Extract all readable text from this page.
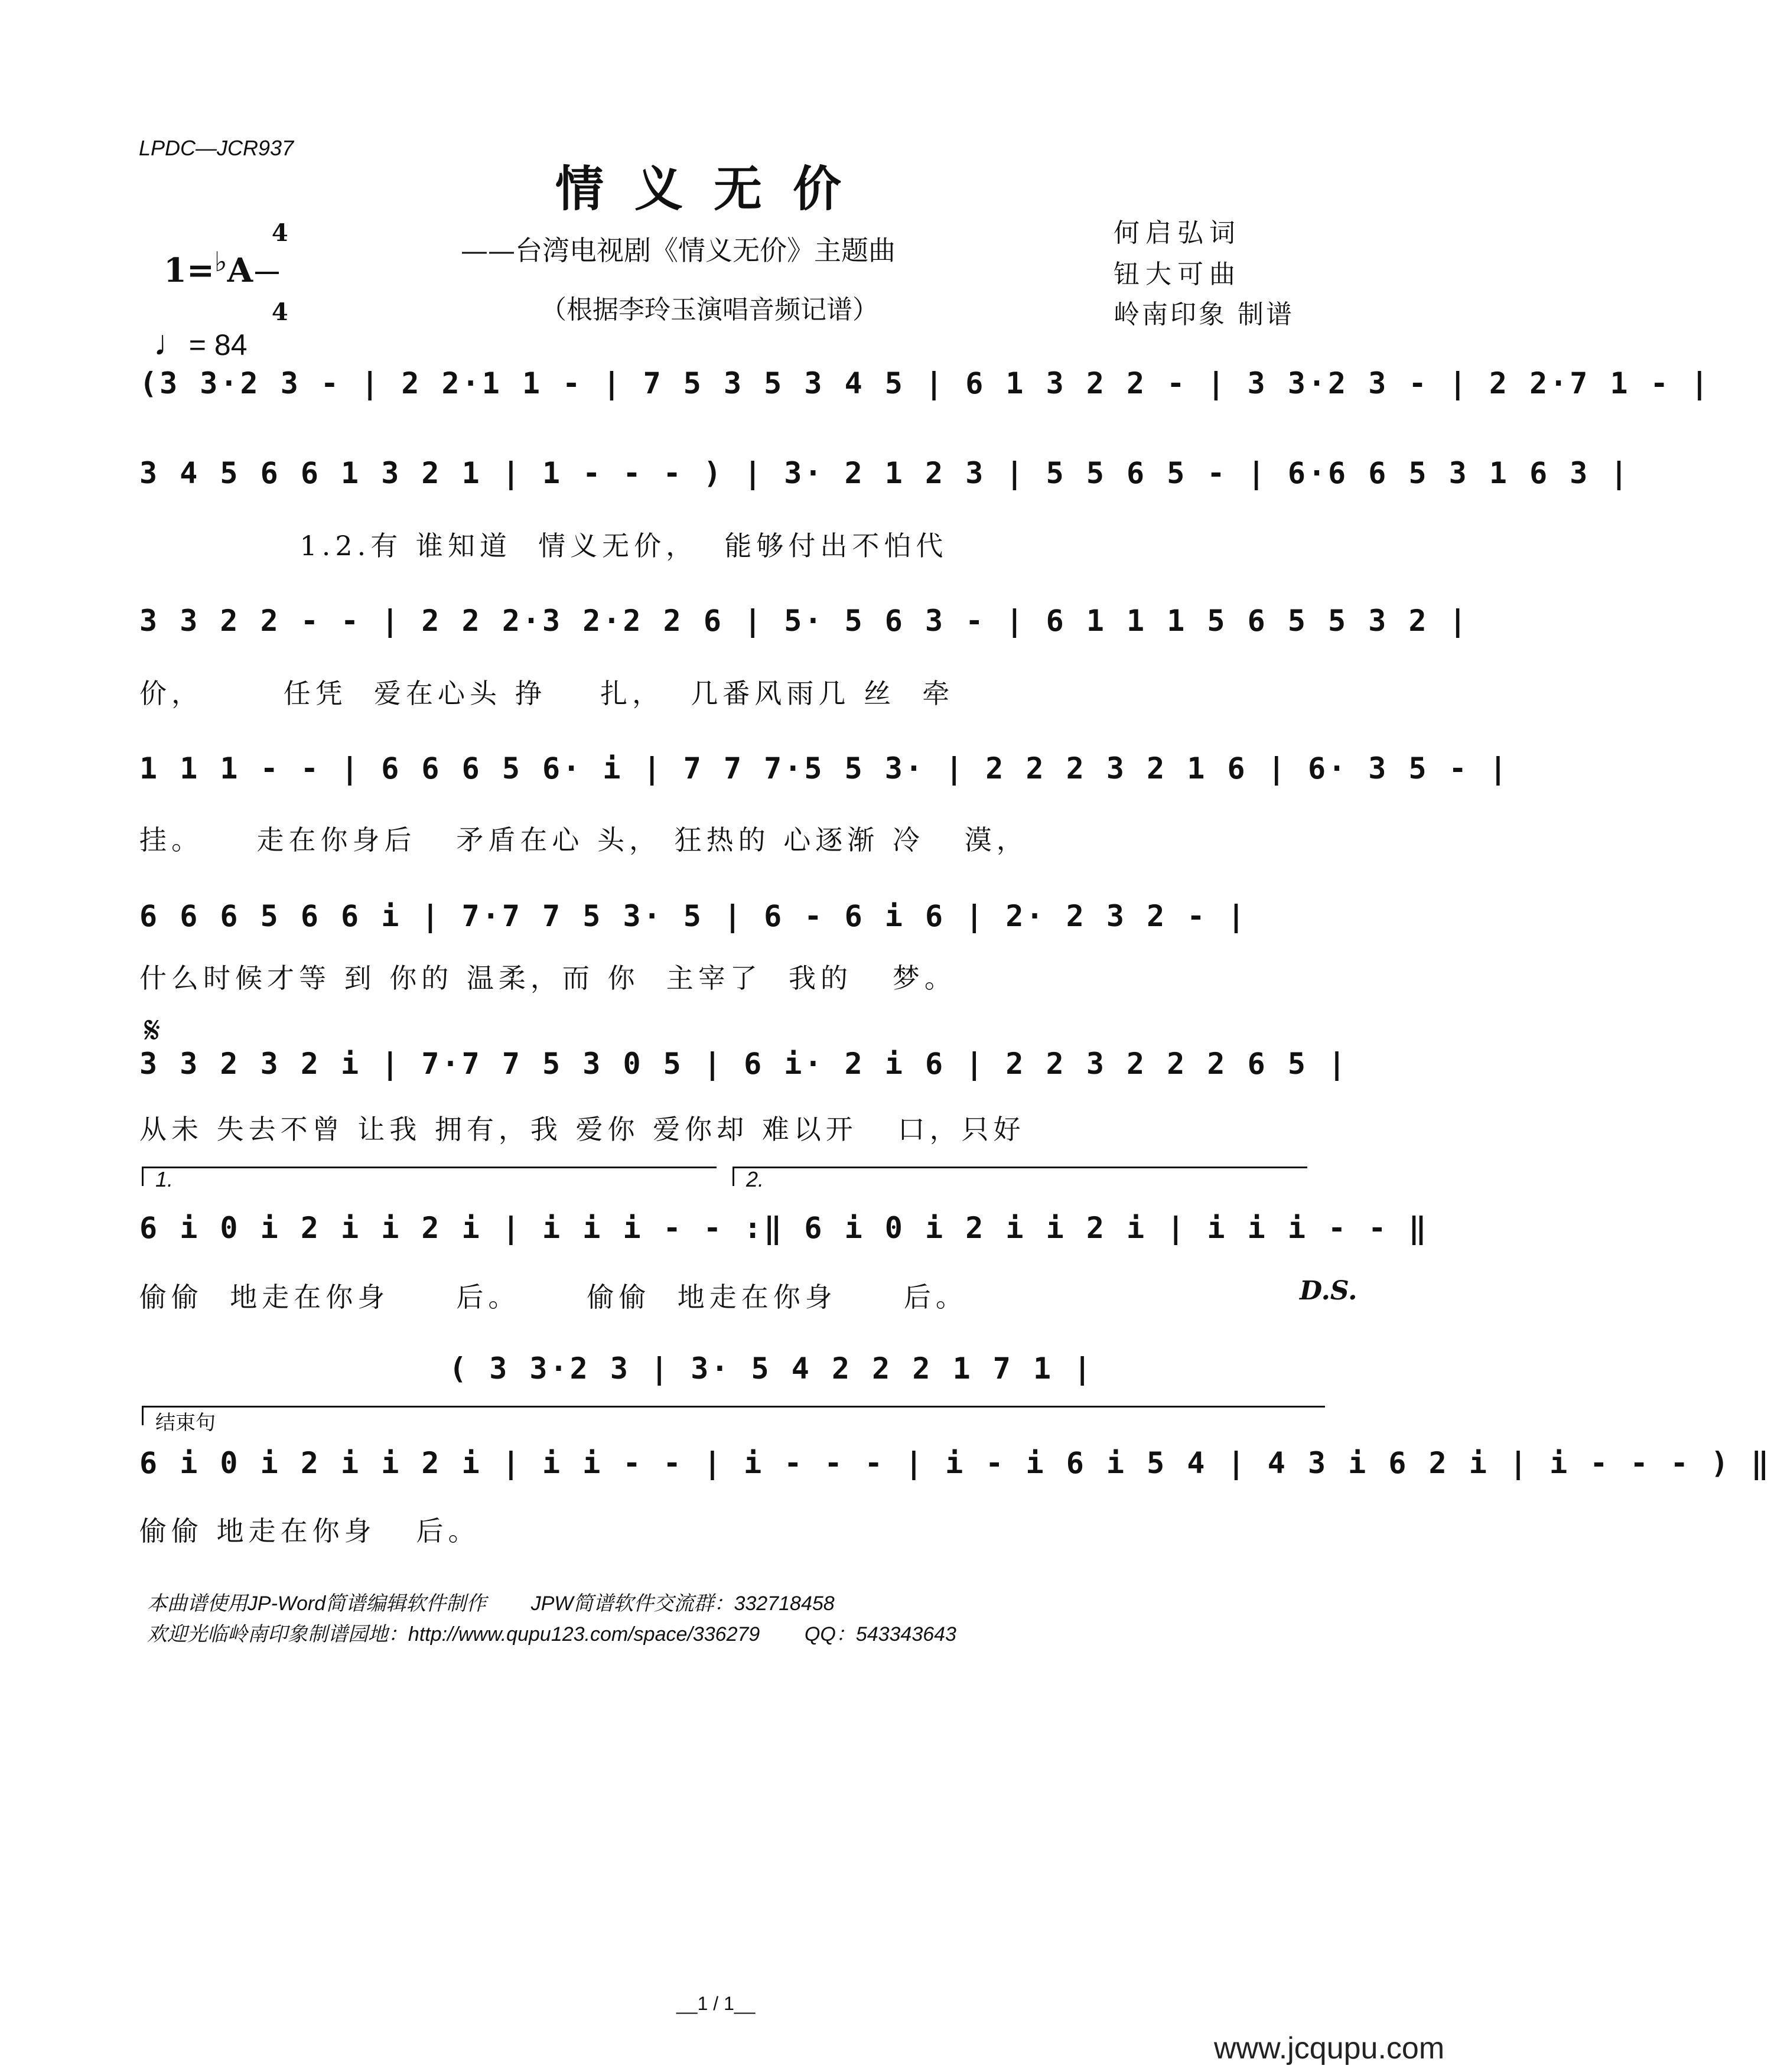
LPDC—JCR937
情义无价
——台湾电视剧《情义无价》主题曲
（根据李玲玉演唱音频记谱）
何启弘词
钮大可曲
岭南印象 制谱

1=♭A

4

4

♩= 84

(3 3·2 3 - | 2 2·1 1 - | 7 5 3 5 3 4 5 | 6 1 3 2 2 - | 3 3·2 3 - | 2 2·7 1 - |
3 4 5 6 6 1 3 2 1 | 1 - - - ) | 3· 2 1 2 3 | 5 5 6 5 - | 6·6 6 5 3 1 6 3 |
1.2.有 谁知道  情义无价，  能够付出不怕代
3 3 2 2 - - | 2 2 2·3 2·2 2 6 | 5· 5 6 3 - | 6 1 1 1 5 6 5 5 3 2 |
价，      任凭  爱在心头 挣    扎，  几番风雨几 丝  牵
1 1 1 - - | 6 6 6 5 6· i | 7 7 7·5 5 3· | 2 2 2 3 2 1 6 | 6· 3 5 - |
挂。    走在你身后   矛盾在心 头， 狂热的 心逐渐 冷   漠，
6 6 6 5 6 6 i | 7·7 7 5 3· 5 | 6 - 6 i 6 | 2· 2 3 2 - |
什么时候才等 到 你的 温柔，而 你  主宰了  我的   梦。
𝄋
3 3 2 3 2 i | 7·7 7 5 3 0 5 | 6 i· 2 i 6 | 2 2 3 2 2 2 6 5 |
从未 失去不曾 让我 拥有，我 爱你 爱你却 难以开   口，只好
1.	2.
6 i 0 i 2 i i 2 i | i i i - - :‖ 6 i 0 i 2 i i 2 i | i i i - - ‖
偷偷  地走在你身     后。     偷偷  地走在你身     后。	D.S.
( 3 3·2 3 | 3· 5 4 2 2 2 1 7 1 |
结束句
6 i 0 i 2 i i 2 i | i i - - | i - - - | i - i 6 i 5 4 | 4 3 i 6 2 i | i - - - ) ‖
偷偷 地走在你身   后。

本曲谱使用JP-Word简谱编辑软件制作 JPW简谱软件交流群：332718458

欢迎光临岭南印象制谱园地：http://www.qupu123.com/space/336279 QQ：543343643

__1 / 1__
www.jcqupu.com
